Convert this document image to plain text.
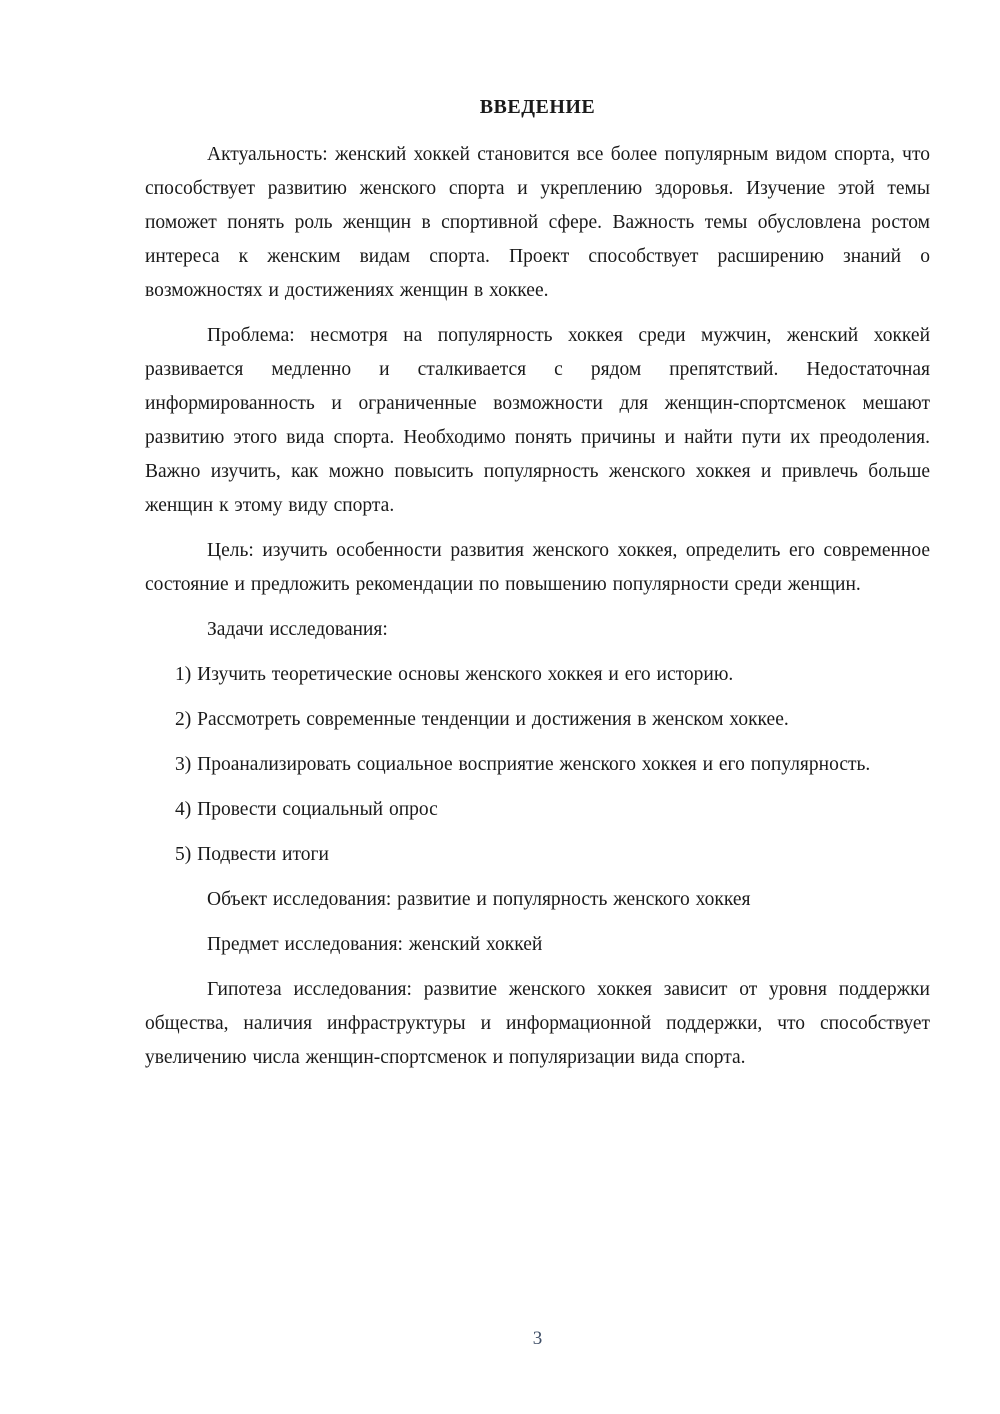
ВВЕДЕНИЕ

Актуальность: женский хоккей становится все более популярным видом спорта, что способствует развитию женского спорта и укреплению здоровья. Изучение этой темы поможет понять роль женщин в спортивной сфере. Важность темы обусловлена ростом интереса к женским видам спорта. Проект способствует расширению знаний о возможностях и достижениях женщин в хоккее.

Проблема: несмотря на популярность хоккея среди мужчин, женский хоккей развивается медленно и сталкивается с рядом препятствий. Недостаточная информированность и ограниченные возможности для женщин-спортсменок мешают развитию этого вида спорта. Необходимо понять причины и найти пути их преодоления. Важно изучить, как можно повысить популярность женского хоккея и привлечь больше женщин к этому виду спорта.

Цель: изучить особенности развития женского хоккея, определить его современное состояние и предложить рекомендации по повышению популярности среди женщин.

Задачи исследования:

1) Изучить теоретические основы женского хоккея и его историю.

2) Рассмотреть современные тенденции и достижения в женском хоккее.

3) Проанализировать социальное восприятие женского хоккея и его популярность.

4) Провести социальный опрос

5) Подвести итоги

Объект исследования: развитие и популярность женского хоккея

Предмет исследования: женский хоккей

Гипотеза исследования: развитие женского хоккея зависит от уровня поддержки общества, наличия инфраструктуры и информационной поддержки, что способствует увеличению числа женщин-спортсменок и популяризации вида спорта.

3
